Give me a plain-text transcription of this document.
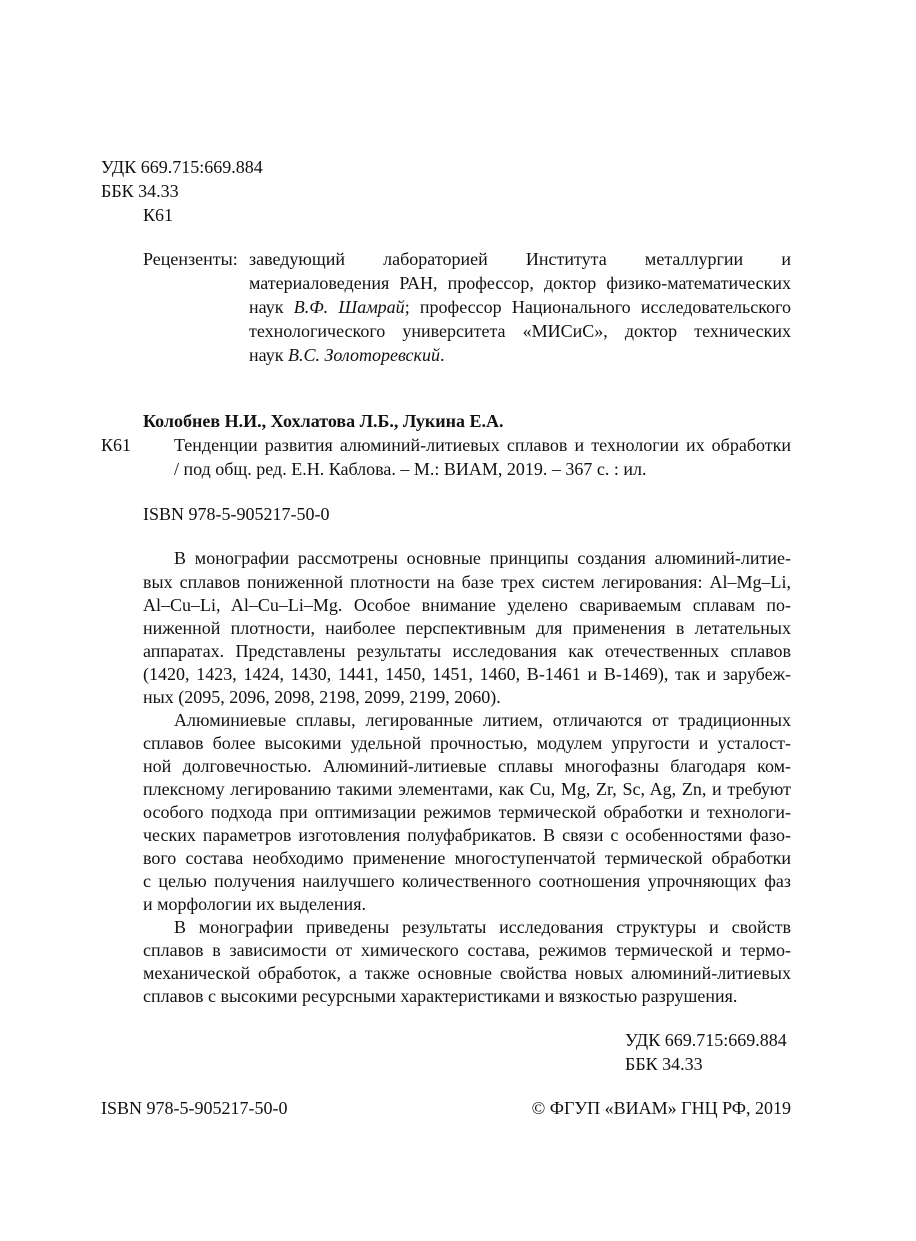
УДК 669.715:669.884
ББК 34.33
К61
Рецензенты: заведующий лабораторией Института металлургии и
материаловедения РАН, профессор, доктор физико-математических
наук В.Ф. Шамрай; профессор Национального исследовательского
технологического университета «МИСиС», доктор технических
наук В.С. Золоторевский.
Колобнев Н.И., Хохлатова Л.Б., Лукина Е.А.
К61 Тенденции развития алюминий-литиевых сплавов и технологии их обработки
/ под общ. ред. Е.Н. Каблова. – М.: ВИАМ, 2019. – 367 с. : ил.
ISBN 978-5-905217-50-0
В монографии рассмотрены основные принципы создания алюминий-литие-
вых сплавов пониженной плотности на базе трех систем легирования: Al–Mg–Li,
Al–Cu–Li, Al–Cu–Li–Mg. Особое внимание уделено свариваемым сплавам по-
ниженной плотности, наиболее перспективным для применения в летательных
аппаратах. Представлены результаты исследования как отечественных сплавов
(1420, 1423, 1424, 1430, 1441, 1450, 1451, 1460, В-1461 и В-1469), так и зарубеж-
ных (2095, 2096, 2098, 2198, 2099, 2199, 2060).
Алюминиевые сплавы, легированные литием, отличаются от традиционных
сплавов более высокими удельной прочностью, модулем упругости и усталост-
ной долговечностью. Алюминий-литиевые сплавы многофазны благодаря ком-
плексному легированию такими элементами, как Cu, Mg, Zr, Sc, Ag, Zn, и требуют
особого подхода при оптимизации режимов термической обработки и технологи-
ческих параметров изготовления полуфабрикатов. В связи с особенностями фазо-
вого состава необходимо применение многоступенчатой термической обработки
с целью получения наилучшего количественного соотношения упрочняющих фаз
и морфологии их выделения.
В монографии приведены результаты исследования структуры и свойств
сплавов в зависимости от химического состава, режимов термической и термо-
механической обработок, а также основные свойства новых алюминий-литиевых
сплавов с высокими ресурсными характеристиками и вязкостью разрушения.
УДК 669.715:669.884
ББК 34.33
ISBN 978-5-905217-50-0	© ФГУП «ВИАМ» ГНЦ РФ, 2019
